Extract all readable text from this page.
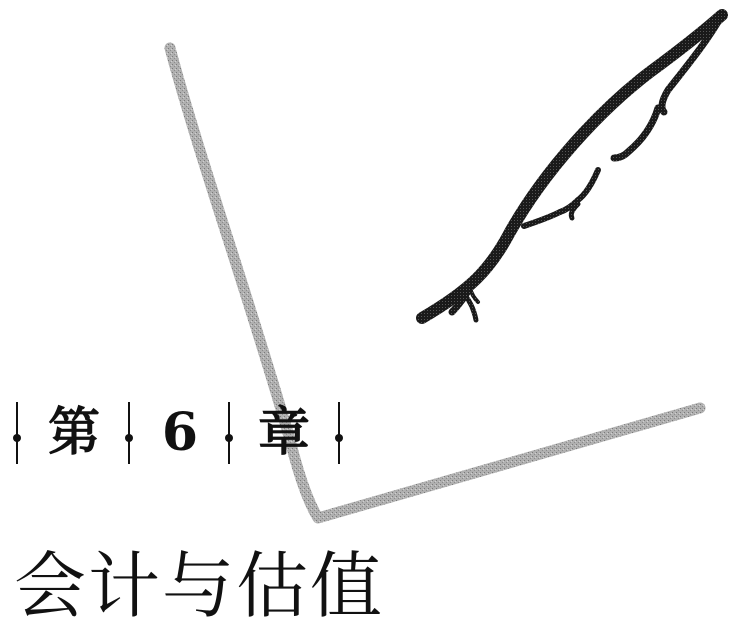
第	6	章
会计与估值
